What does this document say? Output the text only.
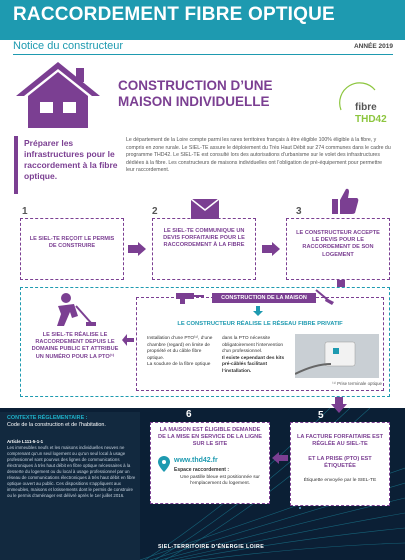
RACCORDEMENT FIBRE OPTIQUE
Notice du constructeur	ANNÉE 2019
CONSTRUCTION D’UNE
MAISON INDIVIDUELLE	fibre
THD42
Préparer les infrastructures pour le raccordement à la fibre optique.
Le département de la Loire compte parmi les rares territoires français à être éligible 100% éligible à la fibre, y compris en zone rurale. Le SIEL-TE assure le déploiement du Très Haut Débit sur 274 communes dans le cadre du programme THD42. Le SIEL-TE est consulté lors des autorisations d’urbanisme sur le volet des infrastructures dédiées à la fibre. Les constructeurs de maisons individuelles ont l’obligation de pré-équipement pour permettre leur raccordement.
1
LE SIEL-TE REÇOIT LE PERMIS DE CONSTRUIRE
2
LE SIEL-TE COMMUNIQUE UN DEVIS FORFAITAIRE POUR LE RACCORDEMENT À LA FIBRE
3
LE CONSTRUCTEUR ACCEPTE LE DEVIS POUR LE RACCORDEMENT DE SON LOGEMENT
LE SIEL-TE RÉALISE LE RACCORDEMENT DEPUIS LE DOMAINE PUBLIC ET ATTRIBUE UN NUMÉRO POUR LA PTO⁽¹⁾
CONSTRUCTION DE LA MAISON
LE CONSTRUCTEUR RÉALISE LE RÉSEAU FIBRE PRIVATIF
Installation d’une PTO⁽¹⁾, d’une chambre (regard) en limite de propriété et du câble fibre optique.
La soudure de la fibre optique
dans la PTO nécessite obligatoirement l’intervention d’un professionnel.
Il existe cependant des kits pré-câblés facilitant l’installation.
⁽¹⁾ Prise terminale optique
CONTEXTE RÉGLEMENTAIRE :
Code de la construction et de l’habitation.
Article L111-5-1-1
Les immeubles neufs et les maisons individuelles neuves ne comprenant qu’un seul logement ou qu’un seul local à usage professionnel sont pourvus des lignes de communications électroniques à très haut débit en fibre optique nécessaires à la desserte du logement ou du local à usage professionnel par un réseau de communications électroniques à très haut débit en fibre optique ouvert au public. Ces dispositions s’appliquent aux immeubles, maisons et lotissements dont le permis de construire ou le permis d’aménager est délivré après le 1er juillet 2016.
6
LA MAISON EST ÉLIGIBLE DEMANDE DE LA MISE EN SERVICE DE LA LIGNE SUR LE SITE
www.thd42.fr
Espace raccordement :
Une pastille bleue est positionnée sur l’emplacement du logement.
5
LA FACTURE FORFAITAIRE EST RÉGLÉE AU SIEL-TE
ET LA PRISE (PTO) EST ÉTIQUETÉE
Étiquette envoyée par le SIEL-TE
SIEL-TERRITOIRE D’ÉNERGIE LOIRE
